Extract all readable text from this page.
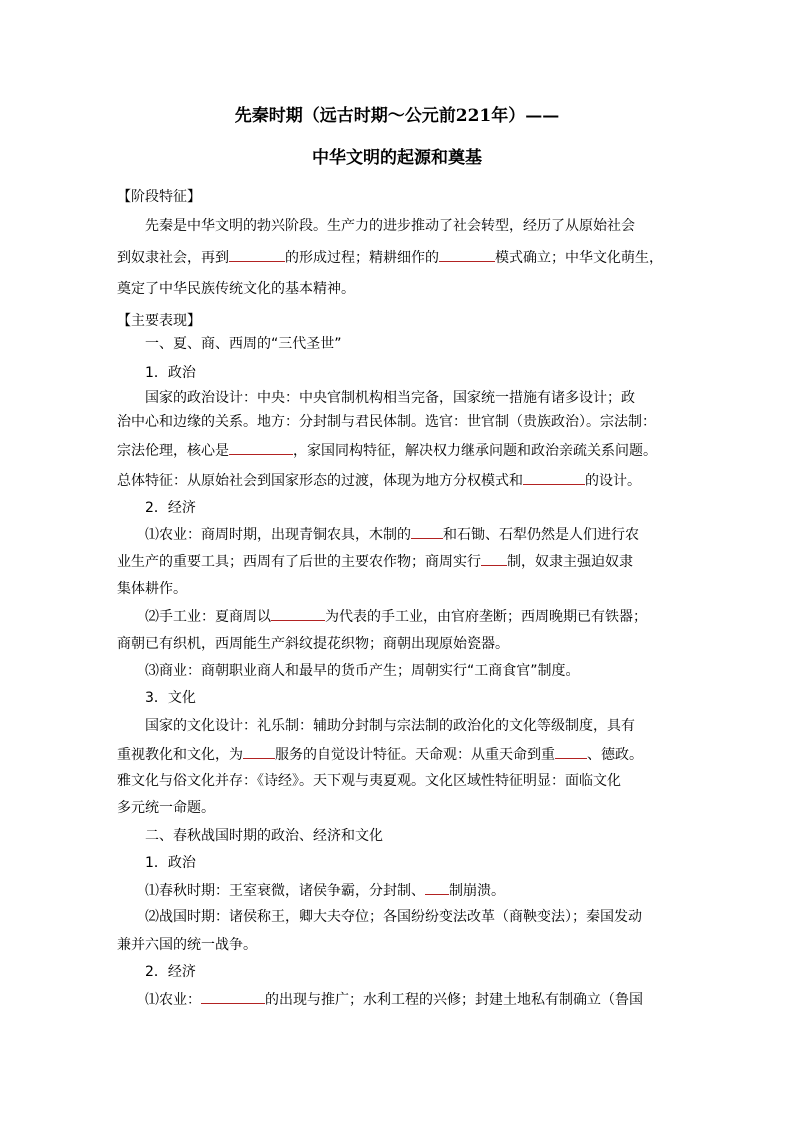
先秦时期（远古时期～公元前221年）——
中华文明的起源和奠基
【阶段特征】
先秦是中华文明的勃兴阶段。生产力的进步推动了社会转型，经历了从原始社会
到奴隶社会，再到	的形成过程；精耕细作的	模式确立；中华文化萌生，
奠定了中华民族传统文化的基本精神。
【主要表现】
一、夏、商、西周的“三代圣世”
1．政治
国家的政治设计：中央：中央官制机构相当完备，国家统一措施有诸多设计；政
治中心和边缘的关系。地方：分封制与君民体制。选官：世官制（贵族政治）。宗法制：
宗法伦理，核心是	，家国同构特征，解决权力继承问题和政治亲疏关系问题。
总体特征：从原始社会到国家形态的过渡，体现为地方分权模式和	的设计。
2．经济
⑴农业：商周时期，出现青铜农具，木制的 和石锄、石犁仍然是人们进行农
业生产的重要工具；西周有了后世的主要农作物；商周实行 制，奴隶主强迫奴隶
集体耕作。
⑵手工业：夏商周以	为代表的手工业，由官府垄断；西周晚期已有铁器；
商朝已有织机，西周能生产斜纹提花织物；商朝出现原始瓷器。
⑶商业：商朝职业商人和最早的货币产生；周朝实行“工商食官”制度。
3．文化
国家的文化设计：礼乐制：辅助分封制与宗法制的政治化的文化等级制度，具有
重视教化和文化，为 服务的自觉设计特征。天命观：从重天命到重 、德政。
雅文化与俗文化并存：《诗经》。天下观与夷夏观。文化区域性特征明显：面临文化
多元统一命题。
二、春秋战国时期的政治、经济和文化
1．政治
⑴春秋时期：王室衰微，诸侯争霸，分封制、 制崩溃。
⑵战国时期：诸侯称王，卿大夫夺位；各国纷纷变法改革（商鞅变法）；秦国发动
兼并六国的统一战争。
2．经济
⑴农业：	的出现与推广；水利工程的兴修；封建土地私有制确立（鲁国
